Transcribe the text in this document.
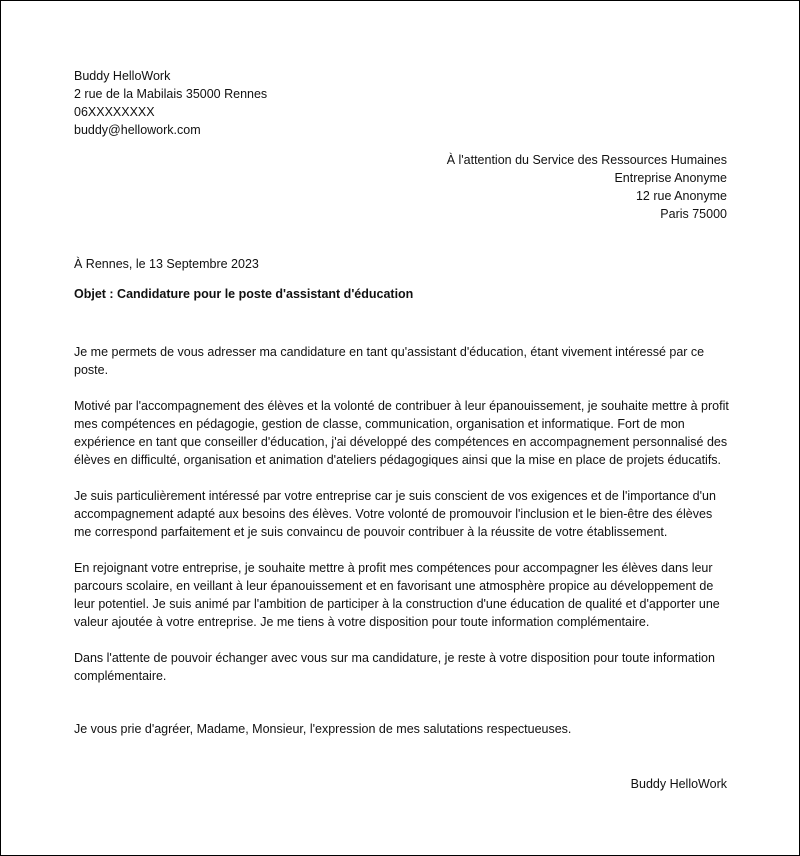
Buddy HelloWork
2 rue de la Mabilais 35000 Rennes
06XXXXXXXX
buddy@hellowork.com
À l'attention du Service des Ressources Humaines
Entreprise Anonyme
12 rue Anonyme
Paris 75000
À Rennes, le 13 Septembre 2023
Objet : Candidature pour le poste d'assistant d'éducation

Je me permets de vous adresser ma candidature en tant qu'assistant d'éducation, étant vivement intéressé par ce poste.

Motivé par l'accompagnement des élèves et la volonté de contribuer à leur épanouissement, je souhaite mettre à profit mes compétences en pédagogie, gestion de classe, communication, organisation et informatique. Fort de mon expérience en tant que conseiller d'éducation, j'ai développé des compétences en accompagnement personnalisé des élèves en difficulté, organisation et animation d'ateliers pédagogiques ainsi que la mise en place de projets éducatifs.

Je suis particulièrement intéressé par votre entreprise car je suis conscient de vos exigences et de l'importance d'un accompagnement adapté aux besoins des élèves. Votre volonté de promouvoir l'inclusion et le bien-être des élèves me correspond parfaitement et je suis convaincu de pouvoir contribuer à la réussite de votre établissement.

En rejoignant votre entreprise, je souhaite mettre à profit mes compétences pour accompagner les élèves dans leur parcours scolaire, en veillant à leur épanouissement et en favorisant une atmosphère propice au développement de leur potentiel. Je suis animé par l'ambition de participer à la construction d'une éducation de qualité et d'apporter une valeur ajoutée à votre entreprise. Je me tiens à votre disposition pour toute information complémentaire.

Dans l'attente de pouvoir échanger avec vous sur ma candidature, je reste à votre disposition pour toute information complémentaire.

Je vous prie d'agréer, Madame, Monsieur, l'expression de mes salutations respectueuses.
Buddy HelloWork
